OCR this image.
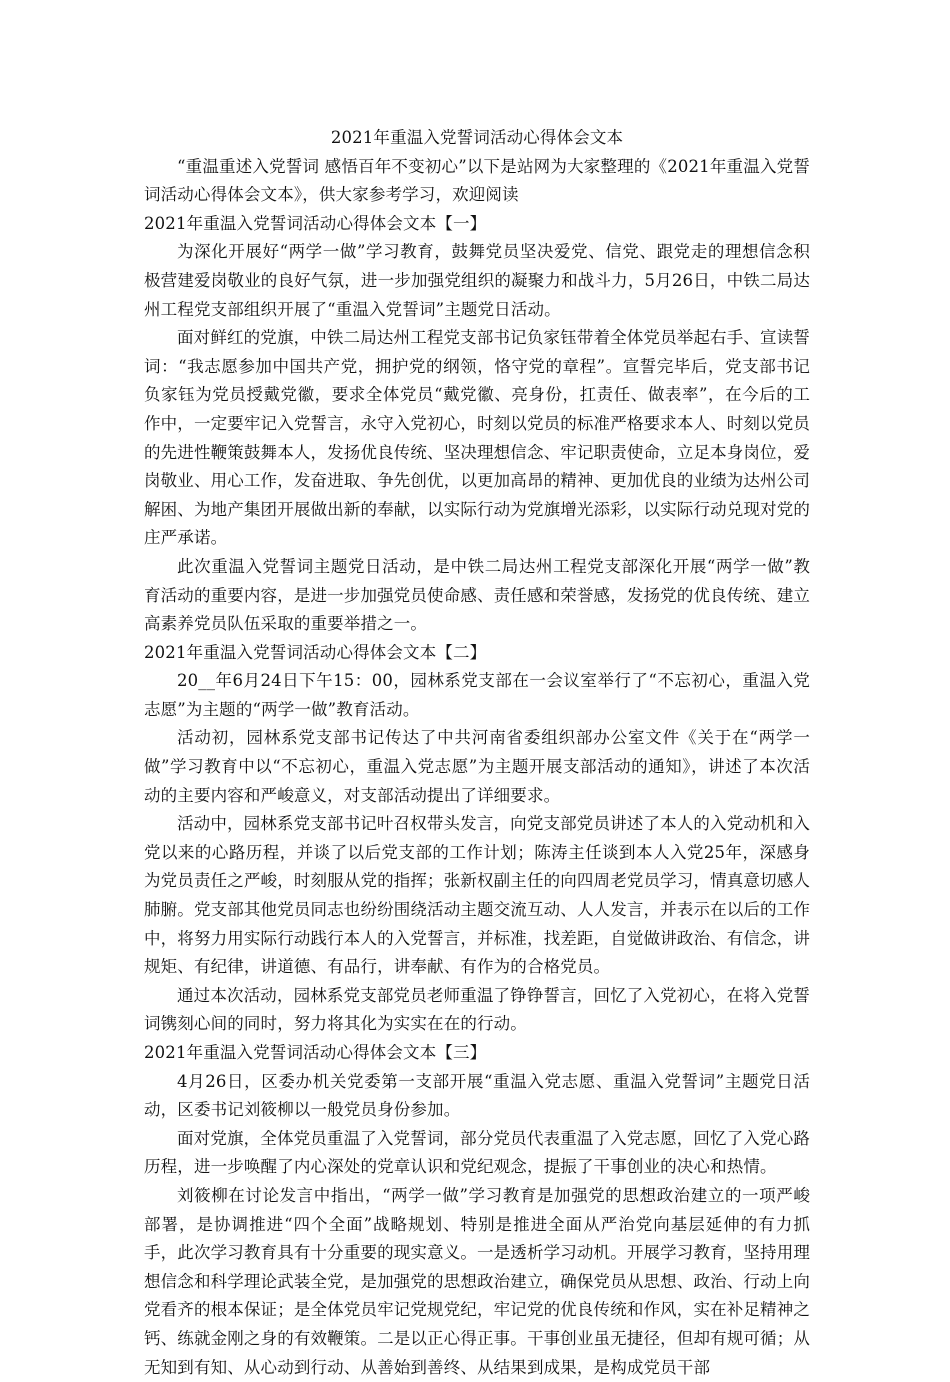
2021年重温入党誓词活动心得体会文本

“重温重述入党誓词 感悟百年不变初心”以下是站网为大家整理的《2021年重温入党誓词活动心得体会文本》，供大家参考学习，欢迎阅读

2021年重温入党誓词活动心得体会文本【一】

为深化开展好“两学一做”学习教育，鼓舞党员坚决爱党、信党、跟党走的理想信念积极营建爱岗敬业的良好气氛，进一步加强党组织的凝聚力和战斗力，5月26日，中铁二局达州工程党支部组织开展了“重温入党誓词”主题党日活动。

面对鲜红的党旗，中铁二局达州工程党支部书记负家钰带着全体党员举起右手、宣读誓词：“我志愿参加中国共产党，拥护党的纲领，恪守党的章程”。宣誓完毕后，党支部书记负家钰为党员授戴党徽，要求全体党员“戴党徽、亮身份，扛责任、做表率”，在今后的工作中，一定要牢记入党誓言，永守入党初心，时刻以党员的标准严格要求本人、时刻以党员的先进性鞭策鼓舞本人，发扬优良传统、坚决理想信念、牢记职责使命，立足本身岗位，爱岗敬业、用心工作，发奋进取、争先创优，以更加高昂的精神、更加优良的业绩为达州公司解困、为地产集团开展做出新的奉献，以实际行动为党旗增光添彩，以实际行动兑现对党的庄严承诺。

此次重温入党誓词主题党日活动，是中铁二局达州工程党支部深化开展“两学一做”教育活动的重要内容，是进一步加强党员使命感、责任感和荣誉感，发扬党的优良传统、建立高素养党员队伍采取的重要举措之一。

2021年重温入党誓词活动心得体会文本【二】

20__年6月24日下午15：00，园林系党支部在一会议室举行了“不忘初心，重温入党志愿”为主题的“两学一做”教育活动。

活动初，园林系党支部书记传达了中共河南省委组织部办公室文件《关于在“两学一做”学习教育中以“不忘初心，重温入党志愿”为主题开展支部活动的通知》，讲述了本次活动的主要内容和严峻意义，对支部活动提出了详细要求。

活动中，园林系党支部书记叶召权带头发言，向党支部党员讲述了本人的入党动机和入党以来的心路历程，并谈了以后党支部的工作计划；陈涛主任谈到本人入党25年，深感身为党员责任之严峻，时刻服从党的指挥；张新权副主任的向四周老党员学习，情真意切感人肺腑。党支部其他党员同志也纷纷围绕活动主题交流互动、人人发言，并表示在以后的工作中，将努力用实际行动践行本人的入党誓言，并标准，找差距，自觉做讲政治、有信念，讲规矩、有纪律，讲道德、有品行，讲奉献、有作为的合格党员。

通过本次活动，园林系党支部党员老师重温了铮铮誓言，回忆了入党初心，在将入党誓词镌刻心间的同时，努力将其化为实实在在的行动。

2021年重温入党誓词活动心得体会文本【三】

4月26日，区委办机关党委第一支部开展“重温入党志愿、重温入党誓词”主题党日活动，区委书记刘筱柳以一般党员身份参加。

面对党旗，全体党员重温了入党誓词，部分党员代表重温了入党志愿，回忆了入党心路历程，进一步唤醒了内心深处的党章认识和党纪观念，提振了干事创业的决心和热情。

刘筱柳在讨论发言中指出，“两学一做”学习教育是加强党的思想政治建立的一项严峻部署，是协调推进“四个全面”战略规划、特别是推进全面从严治党向基层延伸的有力抓手，此次学习教育具有十分重要的现实意义。一是透析学习动机。开展学习教育，坚持用理想信念和科学理论武装全党，是加强党的思想政治建立，确保党员从思想、政治、行动上向党看齐的根本保证；是全体党员牢记党规党纪，牢记党的优良传统和作风，实在补足精神之钙、练就金刚之身的有效鞭策。二是以正心得正事。干事创业虽无捷径，但却有规可循；从无知到有知、从心动到行动、从善始到善终、从结果到成果，是构成党员干部
